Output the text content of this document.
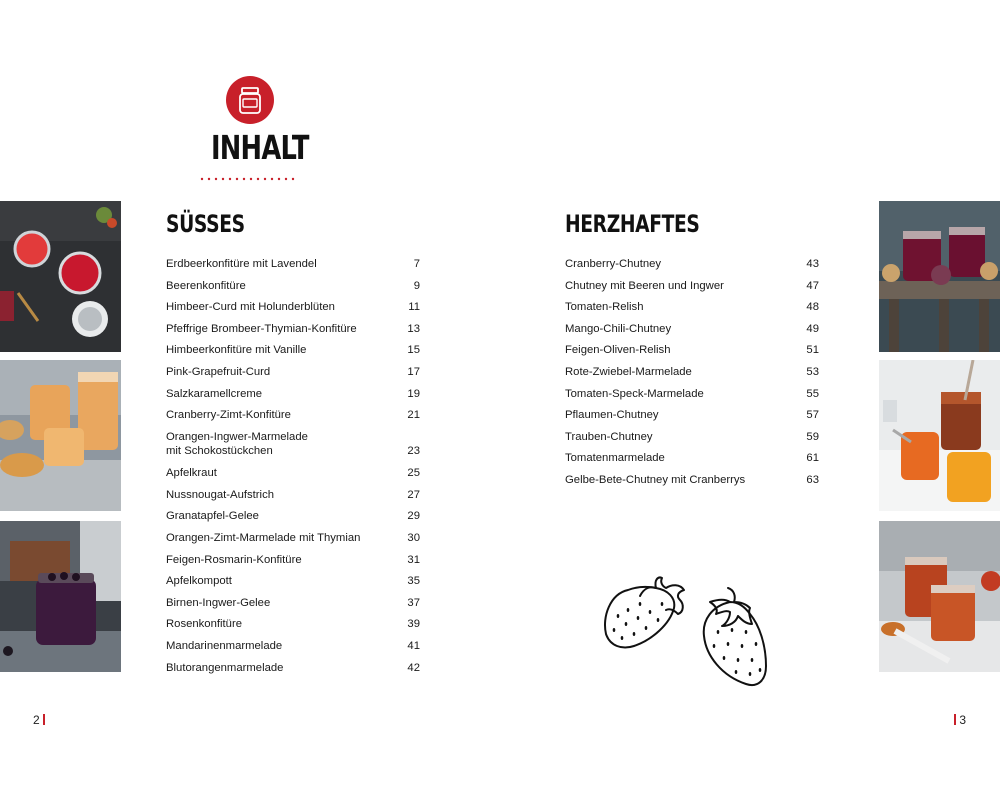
INHALT
SÜSSES	HERZHAFTES
Erdbeerkonfitüre mit Lavendel	7
Beerenkonfitüre	9
Himbeer-Curd mit Holunderblüten	11
Pfeffrige Brombeer-Thymian-Konfitüre	13
Himbeerkonfitüre mit Vanille	15
Pink-Grapefruit-Curd	17
Salzkaramellcreme	19
Cranberry-Zimt-Konfitüre	21
Orangen-Ingwer-Marmelade
mit Schokostückchen	23
Apfelkraut	25
Nussnougat-Aufstrich	27
Granatapfel-Gelee	29
Orangen-Zimt-Marmelade mit Thymian	30
Feigen-Rosmarin-Konfitüre	31
Apfelkompott	35
Birnen-Ingwer-Gelee	37
Rosenkonfitüre	39
Mandarinenmarmelade	41
Blutorangenmarmelade	42
Cranberry-Chutney	43
Chutney mit Beeren und Ingwer	47
Tomaten-Relish	48
Mango-Chili-Chutney	49
Feigen-Oliven-Relish	51
Rote-Zwiebel-Marmelade	53
Tomaten-Speck-Marmelade	55
Pflaumen-Chutney	57
Trauben-Chutney	59
Tomatenmarmelade	61
Gelbe-Bete-Chutney mit Cranberrys	63
2	3
